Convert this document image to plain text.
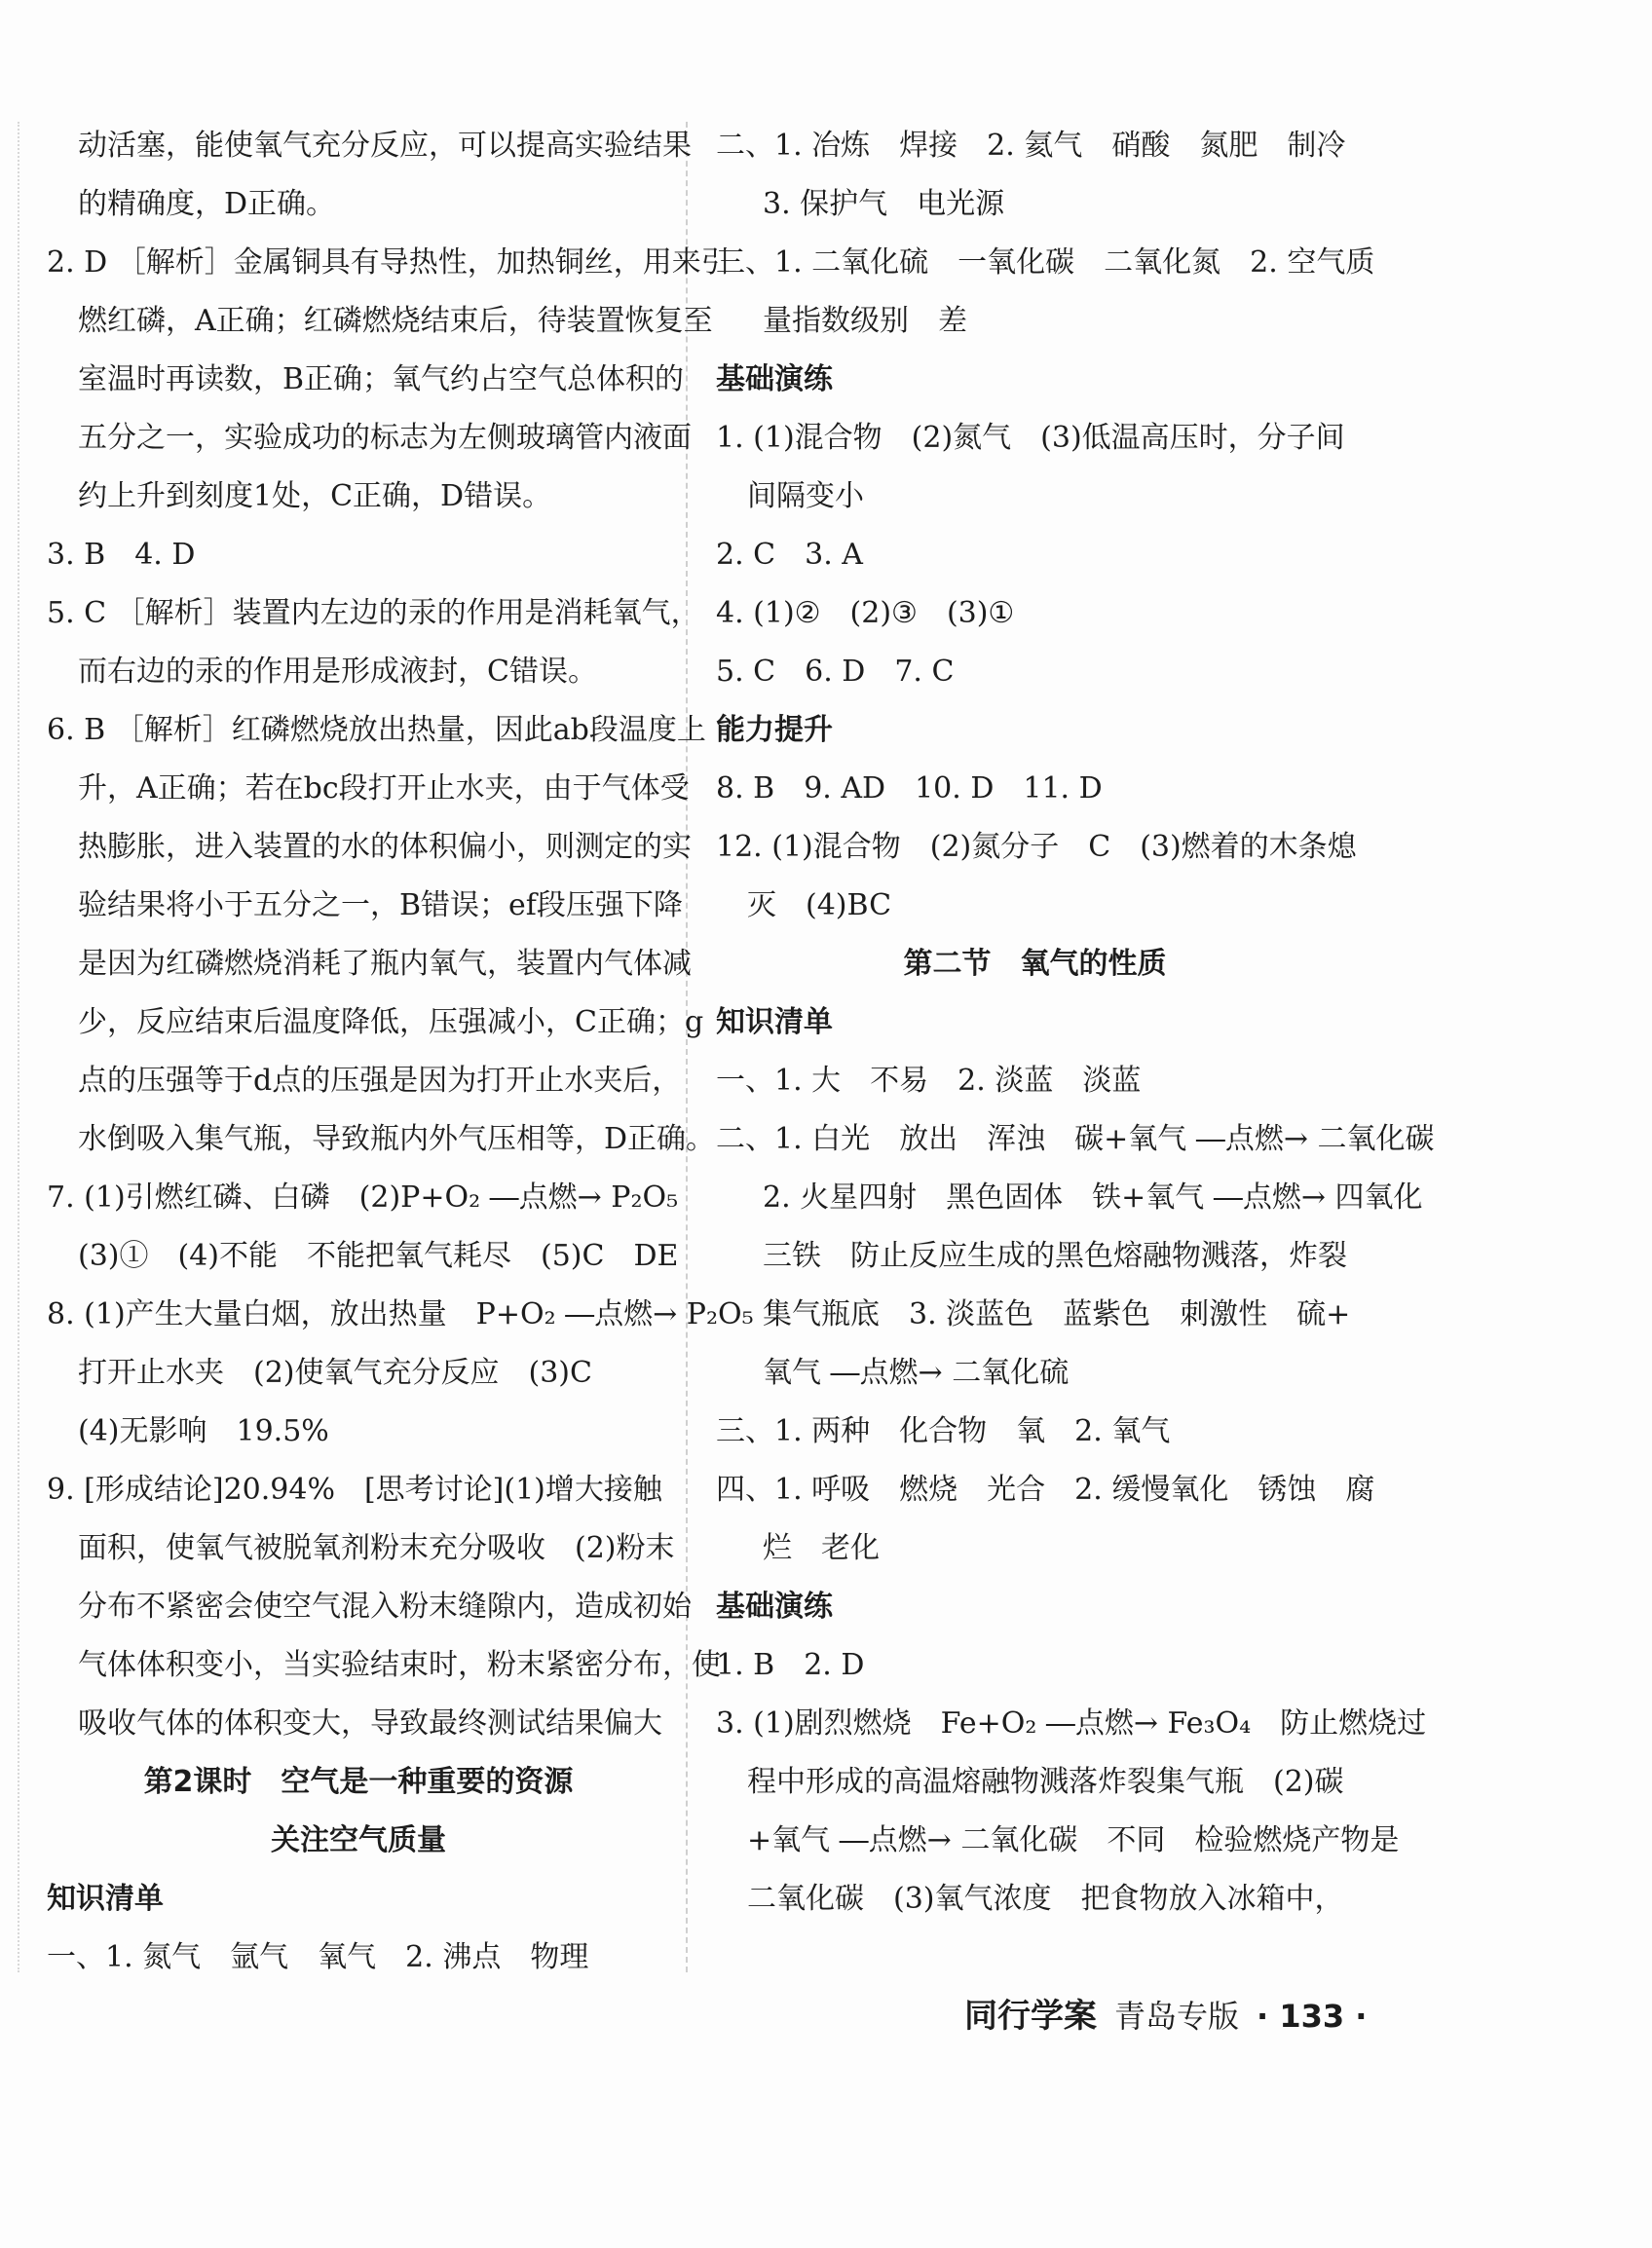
动活塞，能使氧气充分反应，可以提高实验结果
的精确度，D正确。
2. D ［解析］金属铜具有导热性，加热铜丝，用来引
燃红磷，A正确；红磷燃烧结束后，待装置恢复至
室温时再读数，B正确；氧气约占空气总体积的
五分之一，实验成功的标志为左侧玻璃管内液面
约上升到刻度1处，C正确，D错误。
3. B　4. D
5. C ［解析］装置内左边的汞的作用是消耗氧气，
而右边的汞的作用是形成液封，C错误。
6. B ［解析］红磷燃烧放出热量，因此ab段温度上
升，A正确；若在bc段打开止水夹，由于气体受
热膨胀，进入装置的水的体积偏小，则测定的实
验结果将小于五分之一，B错误；ef段压强下降
是因为红磷燃烧消耗了瓶内氧气，装置内气体减
少，反应结束后温度降低，压强减小，C正确；g
点的压强等于d点的压强是因为打开止水夹后，
水倒吸入集气瓶，导致瓶内外气压相等，D正确。
7. (1)引燃红磷、白磷　(2)P+O₂ ―点燃→ P₂O₅
(3)①　(4)不能　不能把氧气耗尽　(5)C　DE
8. (1)产生大量白烟，放出热量　P+O₂ ―点燃→ P₂O₅
打开止水夹　(2)使氧气充分反应　(3)C
(4)无影响　19.5%
9. [形成结论]20.94%　[思考讨论](1)增大接触
面积，使氧气被脱氧剂粉末充分吸收　(2)粉末
分布不紧密会使空气混入粉末缝隙内，造成初始
气体体积变小，当实验结束时，粉末紧密分布，使
吸收气体的体积变大，导致最终测试结果偏大
第2课时　空气是一种重要的资源
关注空气质量
知识清单
一、1. 氮气　氩气　氧气　2. 沸点　物理
二、1. 冶炼　焊接　2. 氦气　硝酸　氮肥　制冷
3. 保护气　电光源
三、1. 二氧化硫　一氧化碳　二氧化氮　2. 空气质
量指数级别　差
基础演练
1. (1)混合物　(2)氮气　(3)低温高压时，分子间
间隔变小
2. C　3. A
4. (1)②　(2)③　(3)①
5. C　6. D　7. C
能力提升
8. B　9. AD　10. D　11. D
12. (1)混合物　(2)氮分子　C　(3)燃着的木条熄
灭　(4)BC
第二节　氧气的性质
知识清单
一、1. 大　不易　2. 淡蓝　淡蓝
二、1. 白光　放出　浑浊　碳+氧气 ―点燃→ 二氧化碳
2. 火星四射　黑色固体　铁+氧气 ―点燃→ 四氧化
三铁　防止反应生成的黑色熔融物溅落，炸裂
集气瓶底　3. 淡蓝色　蓝紫色　刺激性　硫+
氧气 ―点燃→ 二氧化硫
三、1. 两种　化合物　氧　2. 氧气
四、1. 呼吸　燃烧　光合　2. 缓慢氧化　锈蚀　腐
烂　老化
基础演练
1. B　2. D
3. (1)剧烈燃烧　Fe+O₂ ―点燃→ Fe₃O₄　防止燃烧过
程中形成的高温熔融物溅落炸裂集气瓶　(2)碳
+氧气 ―点燃→ 二氧化碳　不同　检验燃烧产物是
二氧化碳　(3)氧气浓度　把食物放入冰箱中，
同行学案 青岛专版 · 133 ·
